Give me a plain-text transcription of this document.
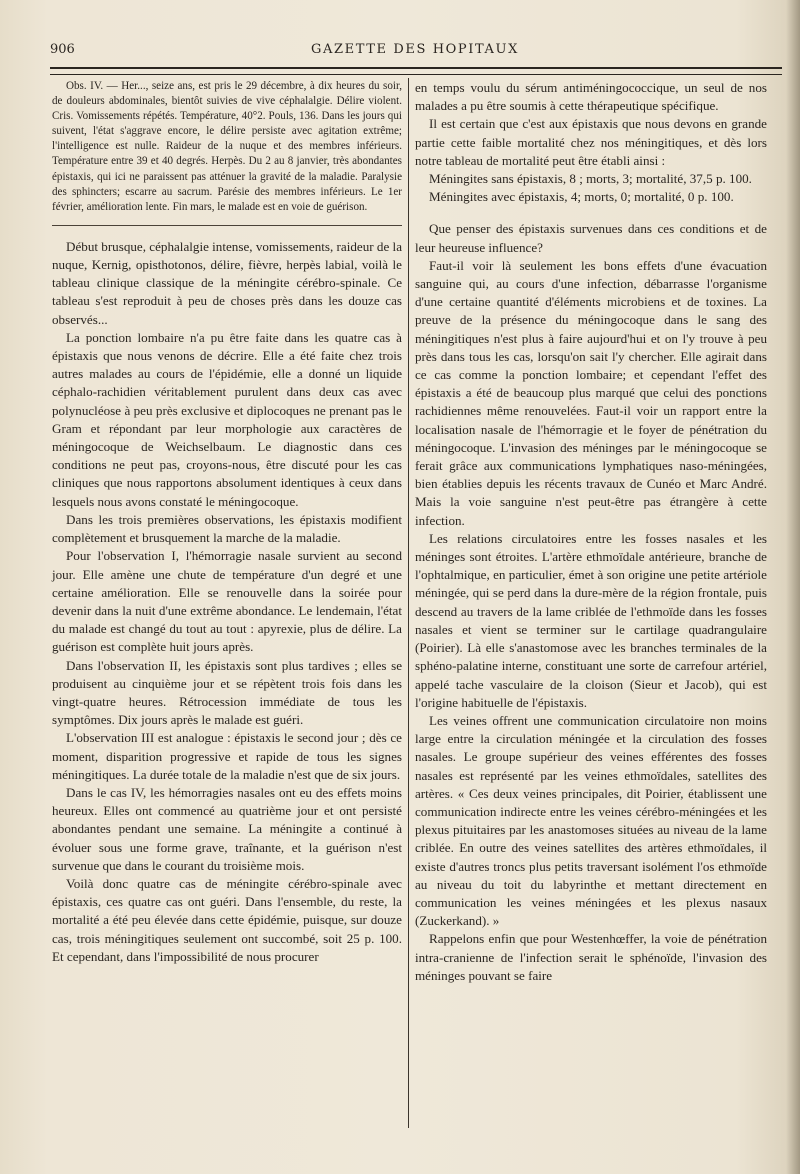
906	GAZETTE DES HOPITAUX

Obs. IV. — Her..., seize ans, est pris le 29 décembre, à dix heures du soir, de douleurs abdominales, bientôt suivies de vive céphalalgie. Délire violent. Cris. Vomissements répétés. Température, 40°2. Pouls, 136. Dans les jours qui suivent, l'état s'aggrave encore, le délire persiste avec agitation extrême; l'intelligence est nulle. Raideur de la nuque et des membres inférieurs. Température entre 39 et 40 degrés. Herpès. Du 2 au 8 janvier, très abondantes épistaxis, qui ici ne paraissent pas atténuer la gravité de la maladie. Paralysie des sphincters; escarre au sacrum. Parésie des membres inférieurs. Le 1er février, amélioration lente. Fin mars, le malade est en voie de guérison.

Début brusque, céphalalgie intense, vomissements, raideur de la nuque, Kernig, opisthotonos, délire, fièvre, herpès labial, voilà le tableau clinique classique de la méningite cérébro-spinale. Ce tableau s'est reproduit à peu de choses près dans les douze cas observés...

La ponction lombaire n'a pu être faite dans les quatre cas à épistaxis que nous venons de décrire. Elle a été faite chez trois autres malades au cours de l'épidémie, elle a donné un liquide céphalo-rachidien véritablement purulent dans deux cas avec polynucléose à peu près exclusive et diplocoques ne prenant pas le Gram et répondant par leur morphologie aux caractères de méningocoque de Weichselbaum. Le diagnostic dans ces conditions ne peut pas, croyons-nous, être discuté pour les cas cliniques que nous rapportons absolument identiques à ceux dans lesquels nous avons constaté le méningocoque.

Dans les trois premières observations, les épistaxis modifient complètement et brusquement la marche de la maladie.

Pour l'observation I, l'hémorragie nasale survient au second jour. Elle amène une chute de température d'un degré et une certaine amélioration. Elle se renouvelle dans la soirée pour devenir dans la nuit d'une extrême abondance. Le lendemain, l'état du malade est changé du tout au tout : apyrexie, plus de délire. La guérison est complète huit jours après.

Dans l'observation II, les épistaxis sont plus tardives ; elles se produisent au cinquième jour et se répètent trois fois dans les vingt-quatre heures. Rétrocession immédiate de tous les symptômes. Dix jours après le malade est guéri.

L'observation III est analogue : épistaxis le second jour ; dès ce moment, disparition progressive et rapide de tous les signes méningitiques. La durée totale de la maladie n'est que de six jours.

Dans le cas IV, les hémorragies nasales ont eu des effets moins heureux. Elles ont commencé au quatrième jour et ont persisté abondantes pendant une semaine. La méningite a continué à évoluer sous une forme grave, traînante, et la guérison n'est survenue que dans le courant du troisième mois.

Voilà donc quatre cas de méningite cérébro-spinale avec épistaxis, ces quatre cas ont guéri. Dans l'ensemble, du reste, la mortalité a été peu élevée dans cette épidémie, puisque, sur douze cas, trois méningitiques seulement ont succombé, soit 25 p. 100. Et cependant, dans l'impossibilité de nous procurer

en temps voulu du sérum antiméningococcique, un seul de nos malades a pu être soumis à cette thérapeutique spécifique.

Il est certain que c'est aux épistaxis que nous devons en grande partie cette faible mortalité chez nos méningitiques, et dès lors notre tableau de mortalité peut être établi ainsi :

Méningites sans épistaxis, 8 ; morts, 3; mortalité, 37,5 p. 100.

Méningites avec épistaxis, 4; morts, 0; mortalité, 0 p. 100.

Que penser des épistaxis survenues dans ces conditions et de leur heureuse influence?

Faut-il voir là seulement les bons effets d'une évacuation sanguine qui, au cours d'une infection, débarrasse l'organisme d'une certaine quantité d'éléments microbiens et de toxines. La preuve de la présence du méningocoque dans le sang des méningitiques n'est plus à faire aujourd'hui et on l'y trouve à peu près dans tous les cas, lorsqu'on sait l'y chercher. Elle agirait dans ce cas comme la ponction lombaire; et cependant l'effet des épistaxis a été de beaucoup plus marqué que celui des ponctions rachidiennes même renouvelées. Faut-il voir un rapport entre la localisation nasale de l'hémorragie et le foyer de pénétration du méningocoque. L'invasion des méninges par le méningocoque se ferait grâce aux communications lymphatiques naso-méningées, bien établies depuis les récents travaux de Cunéo et Marc André. Mais la voie sanguine n'est peut-être pas étrangère à cette infection.

Les relations circulatoires entre les fosses nasales et les méninges sont étroites. L'artère ethmoïdale antérieure, branche de l'ophtalmique, en particulier, émet à son origine une petite artériole méningée, qui se perd dans la dure-mère de la région frontale, puis descend au travers de la lame criblée de l'ethmoïde dans les fosses nasales et vient se terminer sur le cartilage quadrangulaire (Poirier). Là elle s'anastomose avec les branches terminales de la sphéno-palatine interne, constituant une sorte de carrefour artériel, appelé tache vasculaire de la cloison (Sieur et Jacob), qui est l'origine habituelle de l'épistaxis.

Les veines offrent une communication circulatoire non moins large entre la circulation méningée et la circulation des fosses nasales. Le groupe supérieur des veines efférentes des fosses nasales est représenté par les veines ethmoïdales, satellites des artères. « Ces deux veines principales, dit Poirier, établissent une communication indirecte entre les veines cérébro-méningées et les plexus pituitaires par les anastomoses situées au niveau de la lame criblée. En outre des veines satellites des artères ethmoïdales, il existe d'autres troncs plus petits traversant isolément l'os ethmoïde au niveau du toit du labyrinthe et mettant directement en communication les veines méningées et les plexus nasaux (Zuckerkand). »

Rappelons enfin que pour Westenhœffer, la voie de pénétration intra-cranienne de l'infection serait le sphénoïde, l'invasion des méninges pouvant se faire
